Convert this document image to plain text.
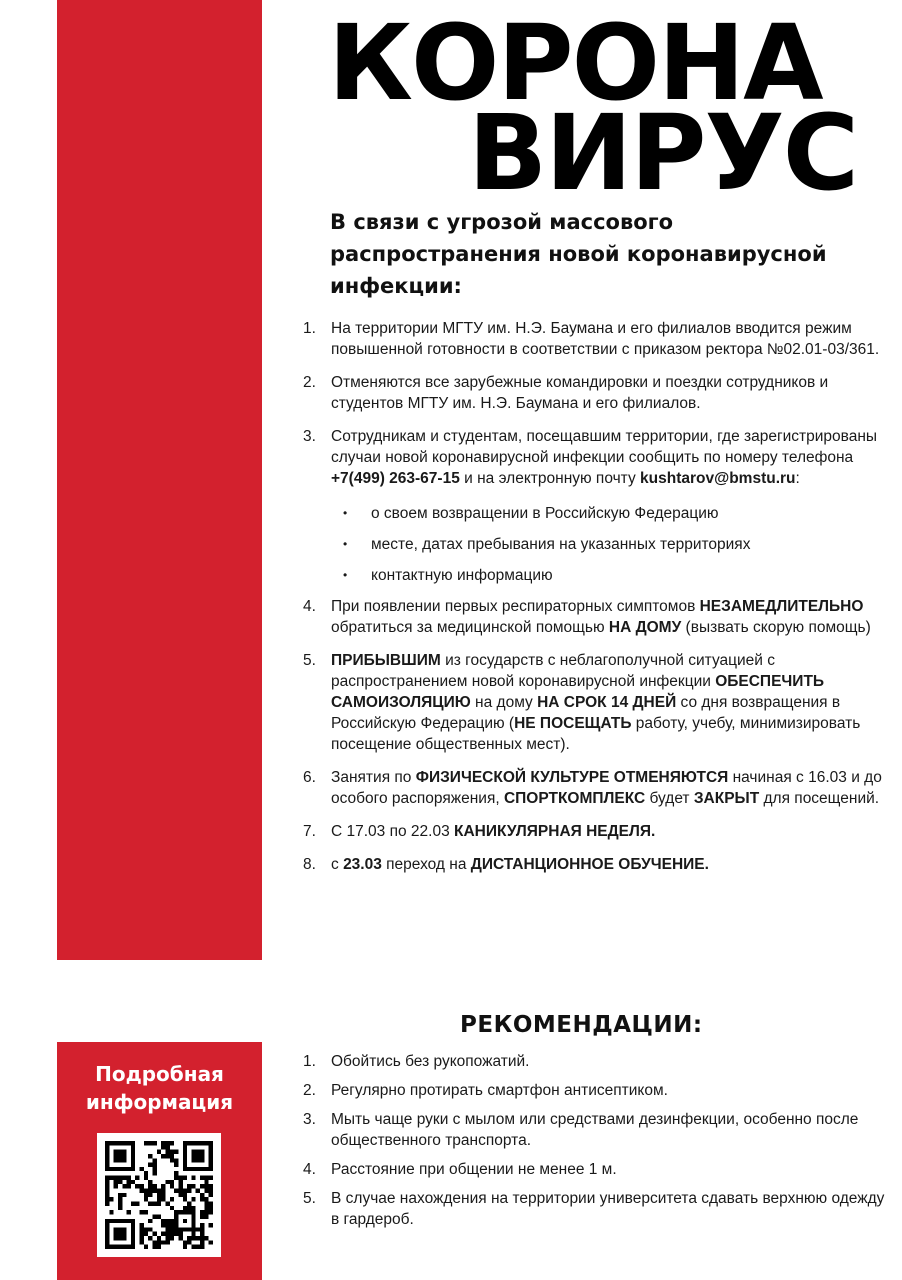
КОРОНА
ВИРУС
В связи с угрозой массового распространения новой коронавирусной инфекции:
1. На территории МГТУ им. Н.Э. Баумана и его филиалов вводится режим повышенной готовности в соответствии с приказом ректора №02.01-03/361.
2. Отменяются все зарубежные командировки и поездки сотрудников и студентов МГТУ им. Н.Э. Баумана и его филиалов.
3. Сотрудникам и студентам, посещавшим территории, где зарегистрированы случаи новой коронавирусной инфекции сообщить по номеру телефона +7(499) 263-67-15 и на электронную почту kushtarov@bmstu.ru:
• о своем возвращении в Российскую Федерацию
• месте, датах пребывания на указанных территориях
• контактную информацию
4. При появлении первых респираторных симптомов НЕЗАМЕДЛИТЕЛЬНО обратиться за медицинской помощью НА ДОМУ (вызвать скорую помощь)
5. ПРИБЫВШИМ из государств с неблагополучной ситуацией с распространением новой коронавирусной инфекции ОБЕСПЕЧИТЬ САМОИЗОЛЯЦИЮ на дому НА СРОК 14 ДНЕЙ со дня возвращения в Российскую Федерацию (НЕ ПОСЕЩАТЬ работу, учебу, минимизировать посещение общественных мест).
6. Занятия по ФИЗИЧЕСКОЙ КУЛЬТУРЕ ОТМЕНЯЮТСЯ начиная с 16.03 и до особого распоряжения, СПОРТКОМПЛЕКС будет ЗАКРЫТ для посещений.
7. С 17.03 по 22.03 КАНИКУЛЯРНАЯ НЕДЕЛЯ.
8. с 23.03 переход на ДИСТАНЦИОННОЕ ОБУЧЕНИЕ.
РЕКОМЕНДАЦИИ:
1. Обойтись без рукопожатий.
2. Регулярно протирать смартфон антисептиком.
3. Мыть чаще руки с мылом или средствами дезинфекции, особенно после общественного транспорта.
4. Расстояние при общении не менее 1 м.
5. В случае нахождения на территории университета сдавать верхнюю одежду в гардероб.
Подробная
информация
